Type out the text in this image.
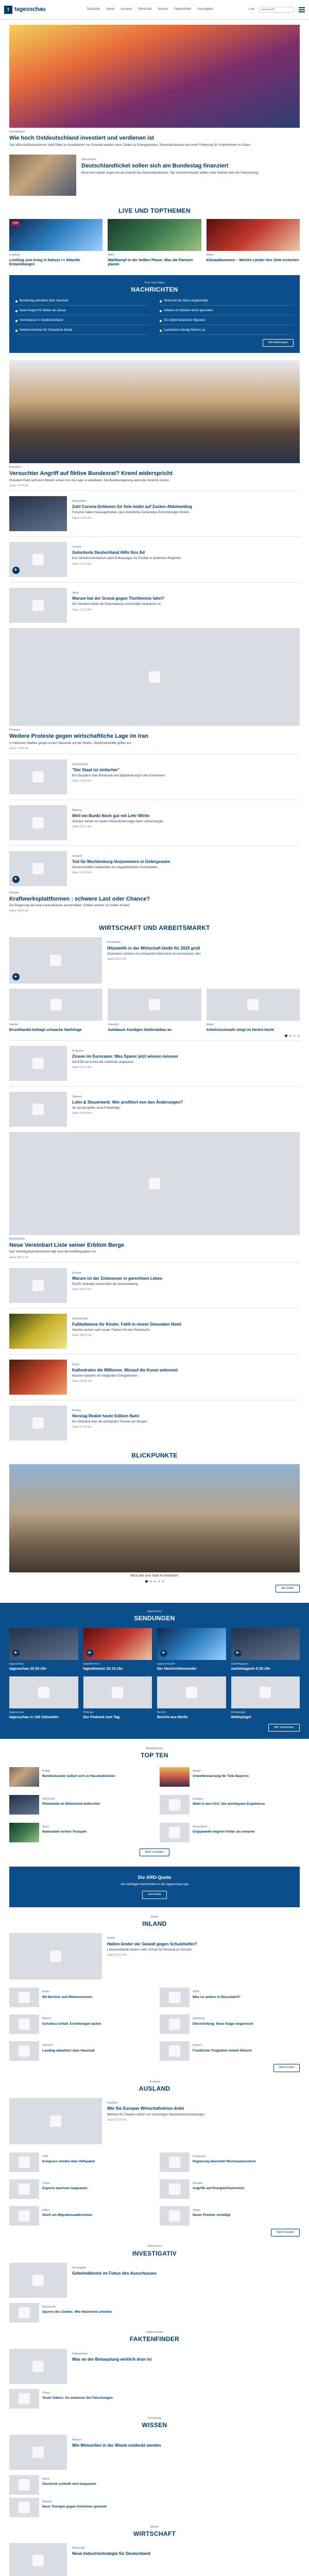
t tagesschau	Startseite Inland Ausland Wirtschaft Wissen Faktenfinder Investigativ	Live
Suchbegriff
Energiekrise
Wie hoch Ostdeutschland investiert und verdienen ist
Das Wirtschaftsministerium stellt Pläne zu Investitionen vor. Erwartet werden neue Zahlen zu Energiepreisen, Stromnetzausbau und mehr Förderung für Unternehmen im Osten.
Nahverkehr
Deutschlandticket sollen sich am Bundestag finanziert
Bund und Länder ringen um die Zukunft des Deutschlandtickets. Die Verkehrsminister wollen mehr Klarheit über die Finanzierung.
LIVE UND TOPTHEMEN
Live
Liveblog
Liveblog zum Krieg in Nahost ++ Aktuelle Entwicklungen
Wahl
Wahlkampf in der heißen Phase: Was die Parteien planen
Klima
Klimaabkommen – Welche Länder ihre Ziele erreichen
Kurz und knapp
NACHRICHTEN
Bundestag debattiert über Haushalt	Streik bei der Bahn angekündigt
Neue Regeln für Mieter ab Januar	Inflation im Oktober leicht gesunken
Hochwasser in Süddeutschland	EU-Gipfel berät über Migration
Verkehrsminister für Tempolimit-Studie	Lauterbach kündigt Reform an
Alle Meldungen
Russland
Versuchter Angriff auf fiktive Bundesrat? Kreml widerspricht
Präsident Putin wirft dem Westen erneut vor, die Lage zu eskalieren. Die Bundesregierung weist die Vorwürfe zurück.
Stand: 12:04 Uhr
Gesundheit
Zahl Corona-Schlemm für fiele leidet auf Zucker-Abkömmling
Forscher haben herausgefunden, dass bestimmte Zuckerarten Entzündungen fördern.
Stand: 11:45 Uhr
▶
Verkehr
Gelockerte Deutschland Hilfe fürs Ad
Das Verkehrsministerium plant Entlastungen für Pendler in ländlichen Regionen.
Stand: 11:30 Uhr
Sport
Warum hat der Grund gegen Tischtennis fahrt?
Der Verband erklärt die Entscheidung und kündigt Gespräche an.
Stand: 11:12 Uhr
Proteste
Weitere Proteste gegen wirtschaftliche Lage im Iran
In mehreren Städten gingen erneut Tausende auf die Straße. Sicherheitskräfte griffen ein.
Stand: 10:58 Uhr
Gesellschaft
"Der Staat ist einfacher"
Ein Gespräch über Bürokratie und Digitalisierung in den Kommunen.
Stand: 10:40 Uhr
Bildung
Weil ein Bunkt Noch gut mit Lehr Wirtin
Schulen stehen vor neuen Herausforderungen beim Lehrermangel.
Stand: 10:21 Uhr
▶
Umwelt
Tod für Mecklenburg-Vorpommern in Gebirgsseen
Wissenschaftler beobachten ein ungewöhnliches Fischsterben.
Stand: 10:05 Uhr
Energie
Kraftwerksplattformen : schwere Last oder Chance?
Die Regierung will neue Gaskraftwerke ausschreiben. Kritiker warnen vor hohen Kosten.
Stand: 09:50 Uhr
WIRTSCHAFT UND ARBEITSMARKT
▶
Konjunktur
Hitzewelle in der Wirtschaft bleibt für 2025 groß
Ökonomen rechnen mit schwachem Wachstum im kommenden Jahr.
Stand: 09:31 Uhr
Handel
Einzelhandel beklagt schwache Nachfrage
Industrie
Autobauer kündigen Stellenabbau an
Arbeit
Arbeitslosenzahl steigt im Herbst leicht
Finanzen
Zinsen im Euroraum: Was Sparer jetzt wissen müssen
Die EZB hat erneut die Leitzinsen angepasst.
Stand: 09:12 Uhr
Steuern
Lohn & Steuerwerk: Wer profitiert von den Änderungen?
Ab Januar gelten neue Freibeträge.
Stand: 08:58 Uhr
Bundeswehr
Neue Vereinbart Liste seiner Erblüm Berge
Das Verteidigungsministerium legt neue Beschaffungspläne vor.
Stand: 08:41 Uhr
Europa
Warum ist der Zeitmesser in gerechtem Leben
Die EU diskutiert erneut über die Zeitumstellung.
Stand: 08:30 Uhr
Gesellschaft
Fußballweise für Kinder. Fehlt in einem Gesunden Hotel
Vereine suchen nach neuen Trainern für den Nachwuchs.
Stand: 08:15 Uhr
Kultur
Kathedralen die Millionen. Worauf die Kunst ankommt
Museen kämpfen mit steigenden Energiekosten.
Stand: 08:02 Uhr
Medien
Herstag Rediet heute Edition Nutri
Ein Überblick über die wichtigsten Themen am Morgen.
Stand: 07:50 Uhr
BLICKPUNKTE
Blick über eine Stadt im Abendlicht
Alle Bilder
tagesschau
SENDUNGEN
▶
tagesschau
tagesschau 20:00 Uhr
▶
tagesthemen
tagesthemen 22:15 Uhr
▶
tagesschau24
Der Nachrichtensender
▶
nachtmagazin
nachtmagazin 0:30 Uhr
tagesschau
tagesschau in 100 Sekunden
Podcast
Der Podcast zum Tag
Bericht
Bericht aus Berlin
Weltspiegel
Weltspiegel
Alle Sendungen
Meistgelesen
TOP TEN
Politik
Bundeskanzler äußert sich zu Haushaltslücke
Wetter
Unwetterwarnung für Teile Bayerns
Wirtschaft
Pleitewelle im Mittelstand befürchtet
Ausland
Wahl in den USA: Die wichtigsten Ergebnisse
Sport
Nationalelf verliert Testspiel
Gesundheit
Grippewelle beginnt früher als erwartet
Mehr anzeigen
Die ARD-Quote
Alle wichtigen Nachrichten in der tagesschau-App
Jetzt laden
Inland
INLAND
Inland
Halten kinder der Gewalt gegen Schulehelfer?
Lehrerverbände fordern mehr Schutz für Personal an Schulen.
Stand: 07:31 Uhr
Berlin
Mit Berliner und Mietervereinen
NRW
Was ist anders in Düsseldorf?
Bayern
Schulbus-Unfall: Ermittlungen laufen
Hamburg
Elbvertiefung: Neue Klage eingereicht
Sachsen
Landtag debattiert über Haushalt
Hessen
Frankfurter Flughafen meldet Rekord
Mehr Inland
Ausland
AUSLAND
Ausland
Wie Sie Europas Wirtschaftskrise dreht
Mehrere EU-Staaten stehen vor schwierigen Haushaltsentscheidungen.
Stand: 07:15 Uhr
USA
Kongress streitet über Hilfspaket
Frankreich
Regierung übersteht Misstrauensvotum
China
Exporte wachsen langsamer
Ukraine
Angriffe auf Energieinfrastruktur
Italien
Streit um Migrationsabkommen
Japan
Neuer Premier vereidigt
Mehr Ausland
Recherche
INVESTIGATIV
Investigativ
Geheimdienste im Fokus des Ausschusses
Recherche
Spuren des Geldes: Wie Netzwerke arbeiten
Fakten prüfen
FAKTENFINDER
Faktenfinder
Was an der Behauptung wirklich dran ist
Check
Virale Videos: So erkennen Sie Fälschungen
Forschung
WISSEN
Wissen
Wie Meteoriten in der Wüste entdeckt werden
Klima
Ozonloch schließt sich langsamer
Medizin
Neue Therapie gegen Alzheimer getestet
Märkte
WIRTSCHAFT
Wirtschaft
Neue Industriestrategie für Deutschland
